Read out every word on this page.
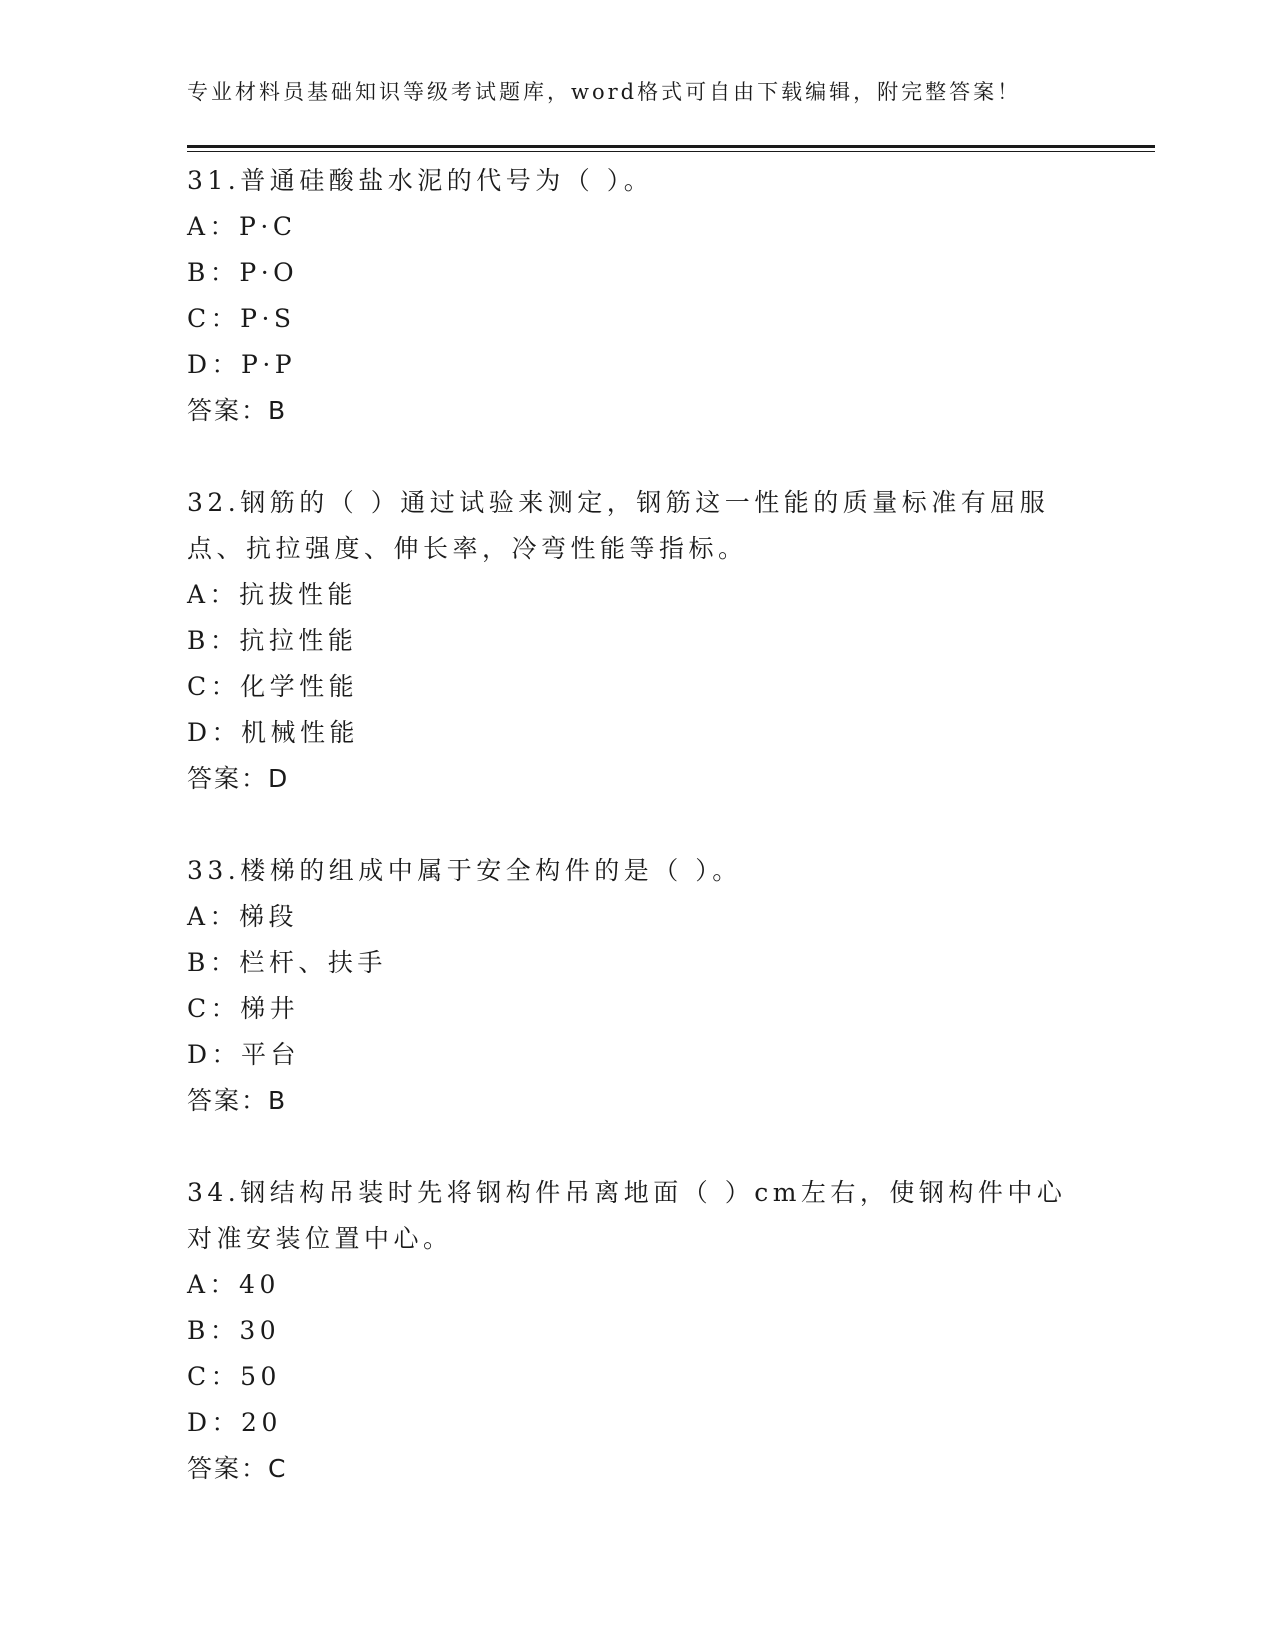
专业材料员基础知识等级考试题库，word格式可自由下载编辑，附完整答案！
31.普通硅酸盐水泥的代号为（ ）。
A：P·C
B：P·O
C：P·S
D：P·P
答案：B
32.钢筋的（ ）通过试验来测定，钢筋这一性能的质量标准有屈服点、抗拉强度、伸长率，冷弯性能等指标。
A：抗拔性能
B：抗拉性能
C：化学性能
D：机械性能
答案：D
33.楼梯的组成中属于安全构件的是（ ）。
A：梯段
B：栏杆、扶手
C：梯井
D：平台
答案：B
34.钢结构吊装时先将钢构件吊离地面（ ）cm左右，使钢构件中心对准安装位置中心。
A：40
B：30
C：50
D：20
答案：C
